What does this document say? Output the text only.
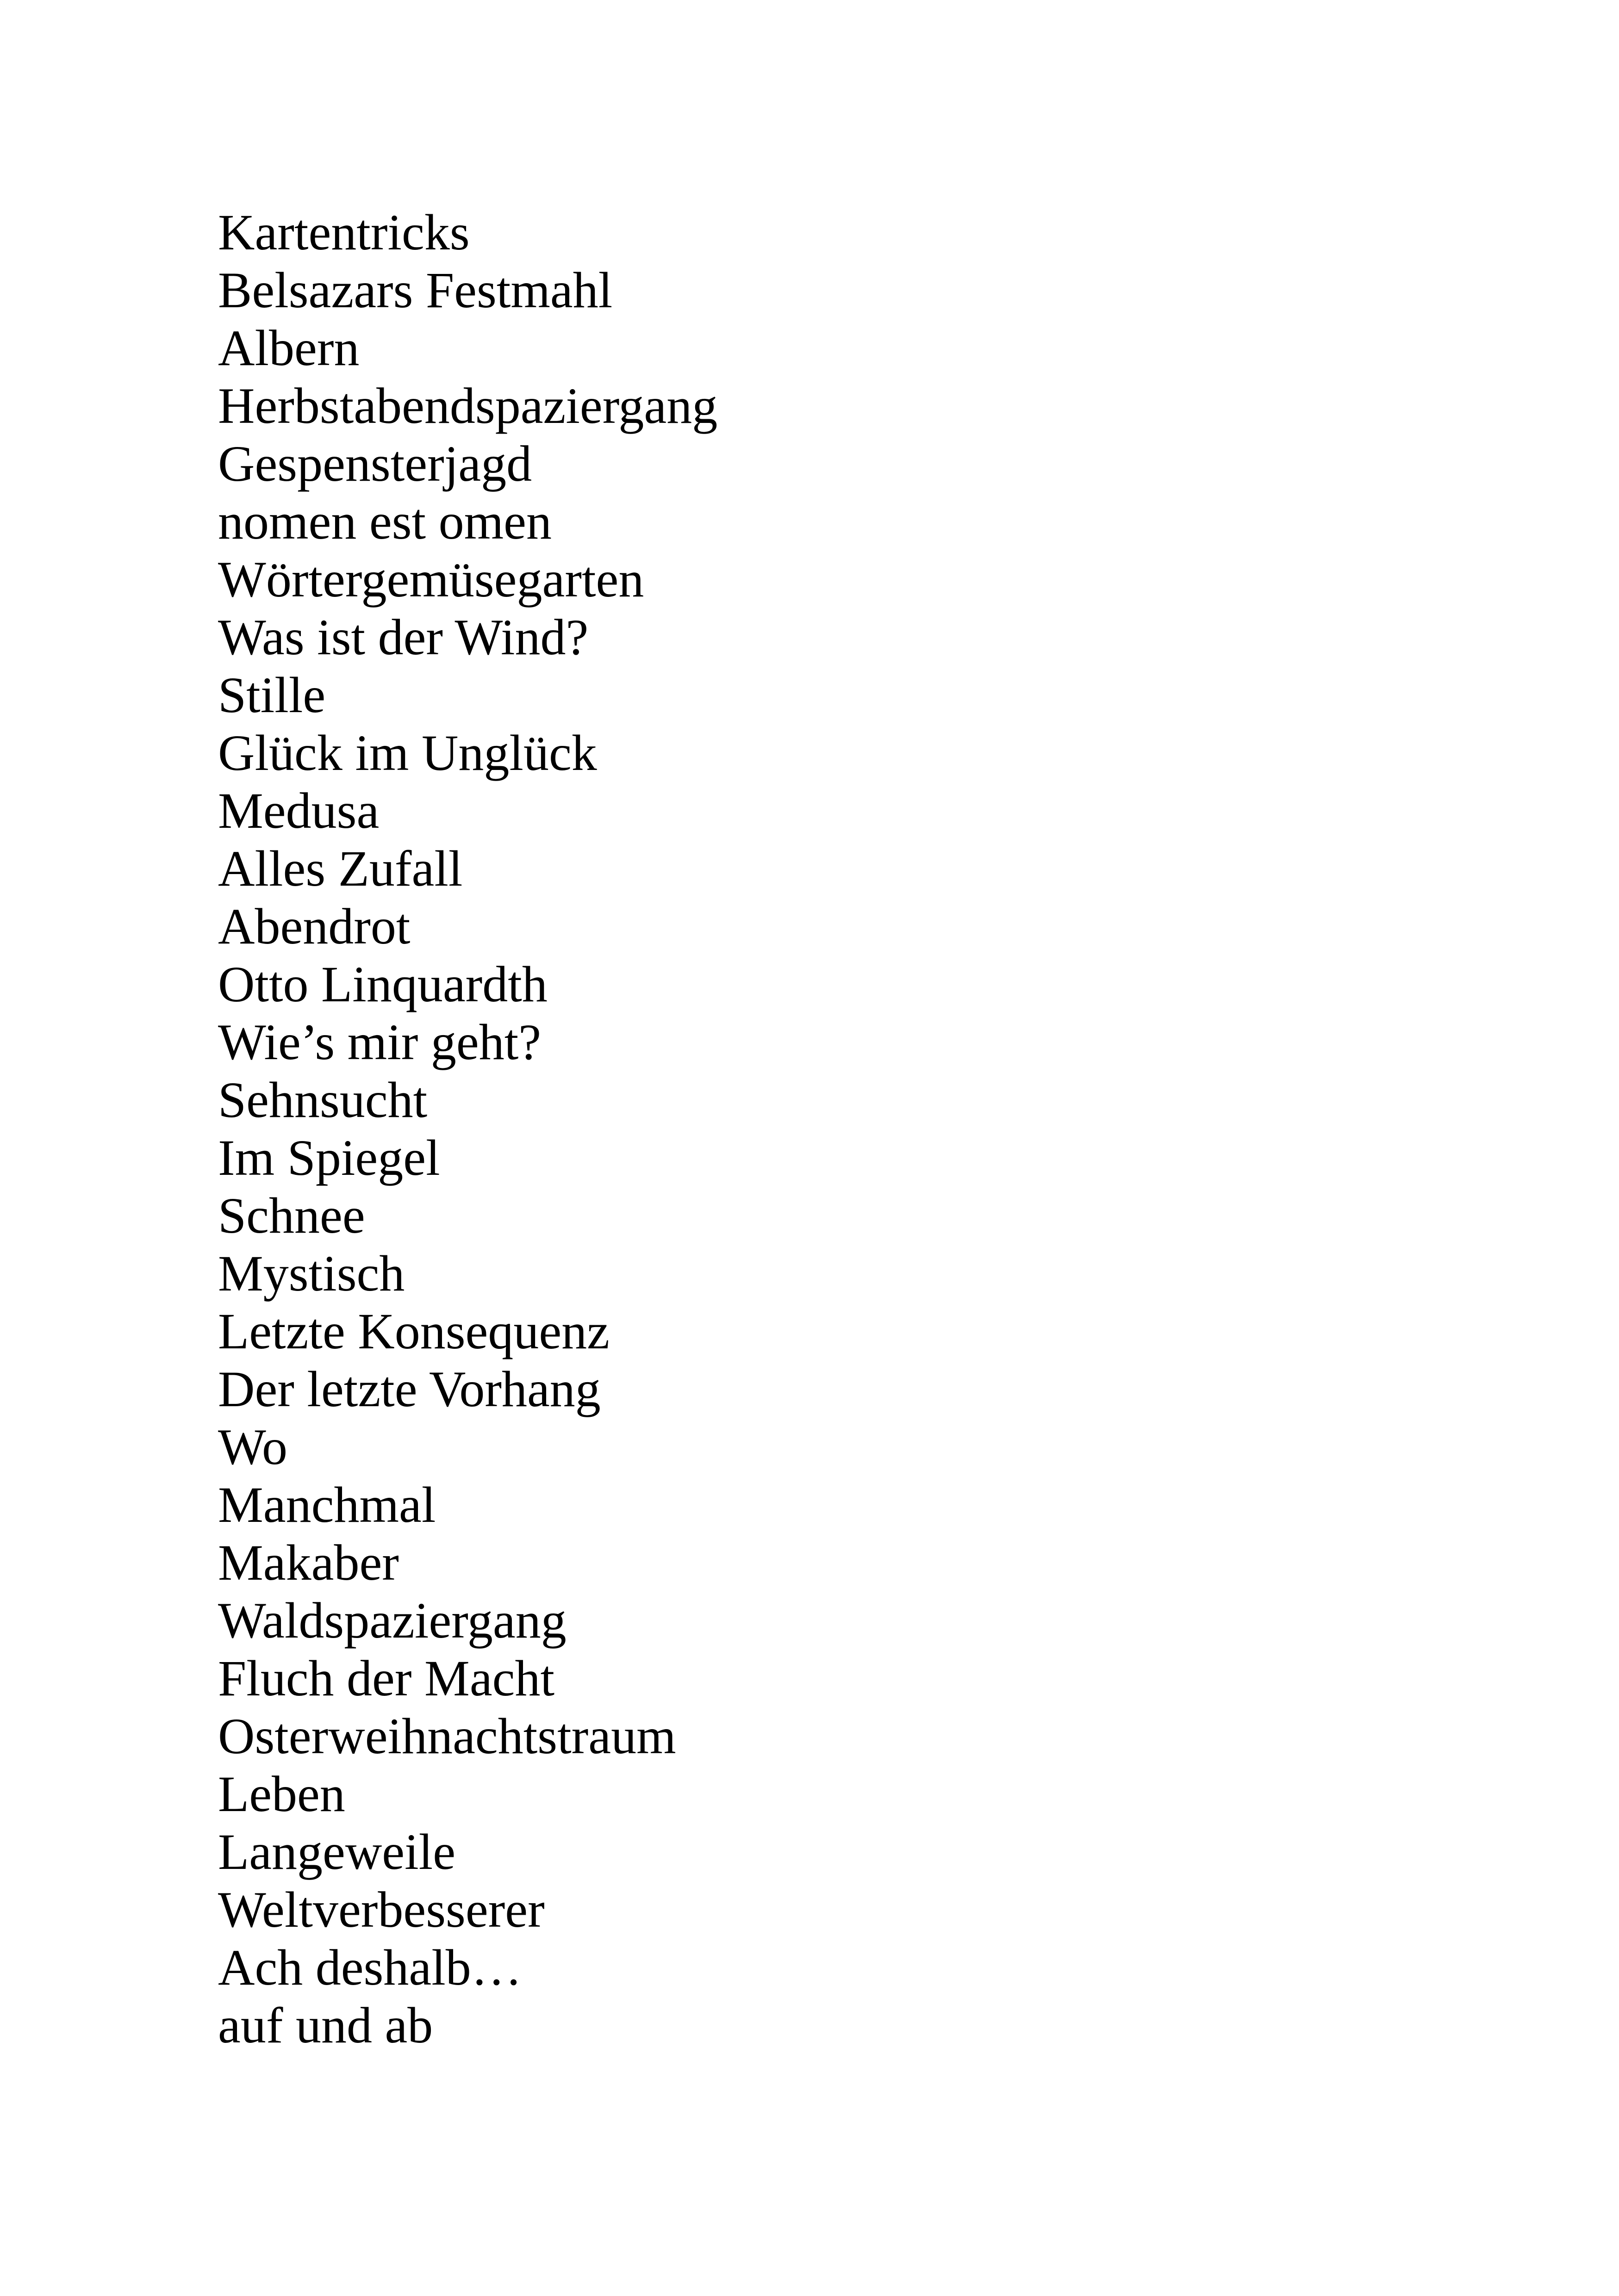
Kartentricks
Belsazars Festmahl
Albern
Herbstabendspaziergang
Gespensterjagd
nomen est omen
Wörtergemüsegarten
Was ist der Wind?
Stille
Glück im Unglück
Medusa
Alles Zufall
Abendrot
Otto Linquardth
Wie’s mir geht?
Sehnsucht
Im Spiegel
Schnee
Mystisch
Letzte Konsequenz
Der letzte Vorhang
Wo
Manchmal
Makaber
Waldspaziergang
Fluch der Macht
Osterweihnachtstraum
Leben
Langeweile
Weltverbesserer
Ach deshalb…
auf und ab
